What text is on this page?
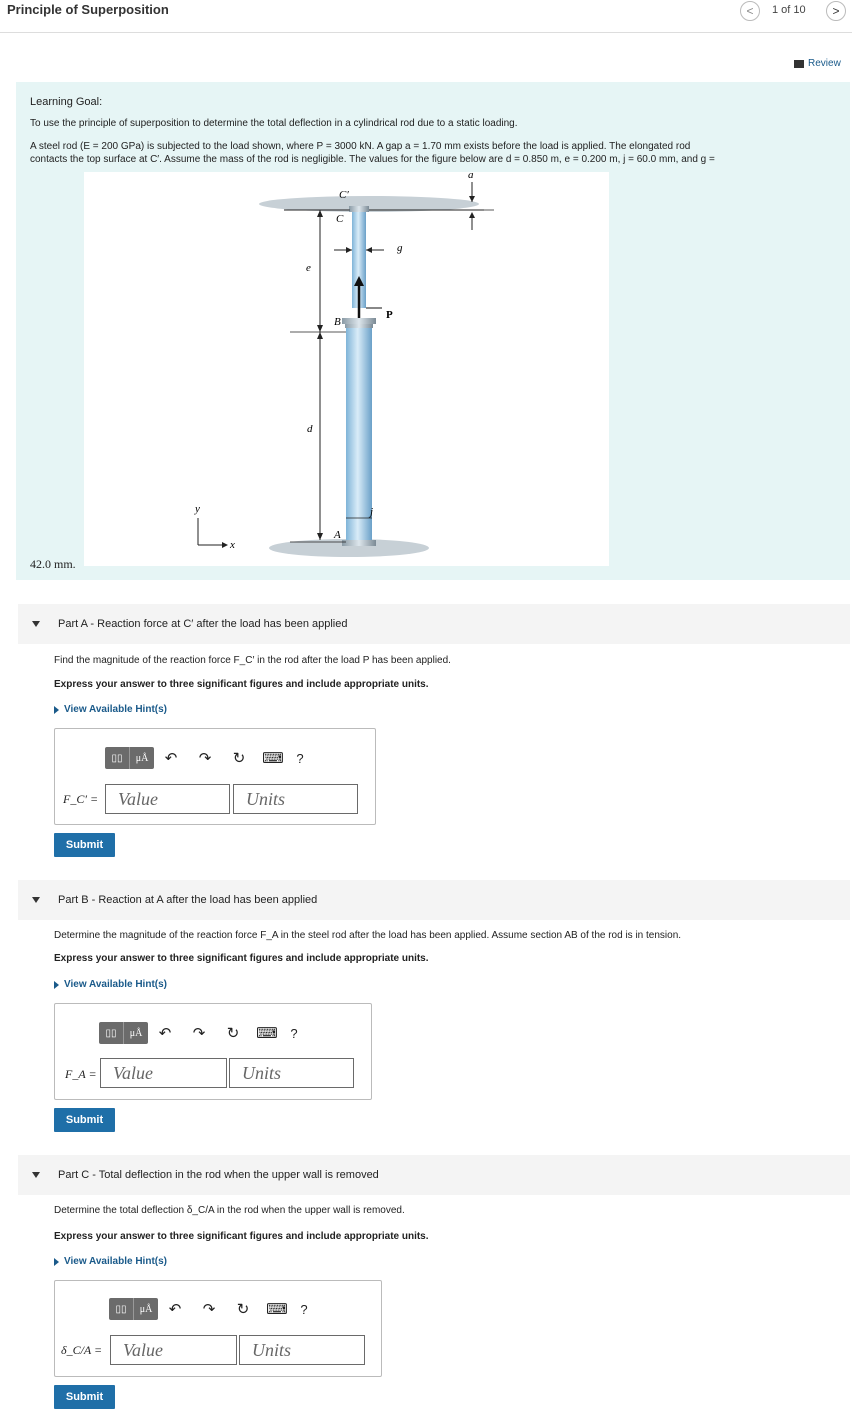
Principle of Superposition	<	1 of 10	>
Review
Learning Goal:
To use the principle of superposition to determine the total deflection in a cylindrical rod due to a static loading.
A steel rod (E = 200 GPa) is subjected to the load shown, where P = 3000 kN. A gap a = 1.70 mm exists before the load is applied. The elongated rod
contacts the top surface at C′. Assume the mass of the rod is negligible. The values for the figure below are d = 0.850 m, e = 0.200 m, j = 60.0 mm, and g =
a
C′
C
g
e
B
P
d
j
A
y
x
42.0 mm.
Part A - Reaction force at C′ after the load has been applied
Find the magnitude of the reaction force F_C′ in the rod after the load P has been applied.
Express your answer to three significant figures and include appropriate units.
View Available Hint(s)
▯▯	μÅ	↶	↷	↻	⌨ ?
F_C′ =	Value	Units
Submit
Part B - Reaction at A after the load has been applied
Determine the magnitude of the reaction force F_A in the steel rod after the load has been applied. Assume section AB of the rod is in tension.
Express your answer to three significant figures and include appropriate units.
View Available Hint(s)
▯▯	μÅ	↶	↷	↻	⌨ ?
F_A = Value	Units
Submit
Part C - Total deflection in the rod when the upper wall is removed
Determine the total deflection δ_C/A in the rod when the upper wall is removed.
Express your answer to three significant figures and include appropriate units.
View Available Hint(s)
▯▯	μÅ	↶	↷	↻	⌨ ?
δ_C/A =	Value	Units
Submit
